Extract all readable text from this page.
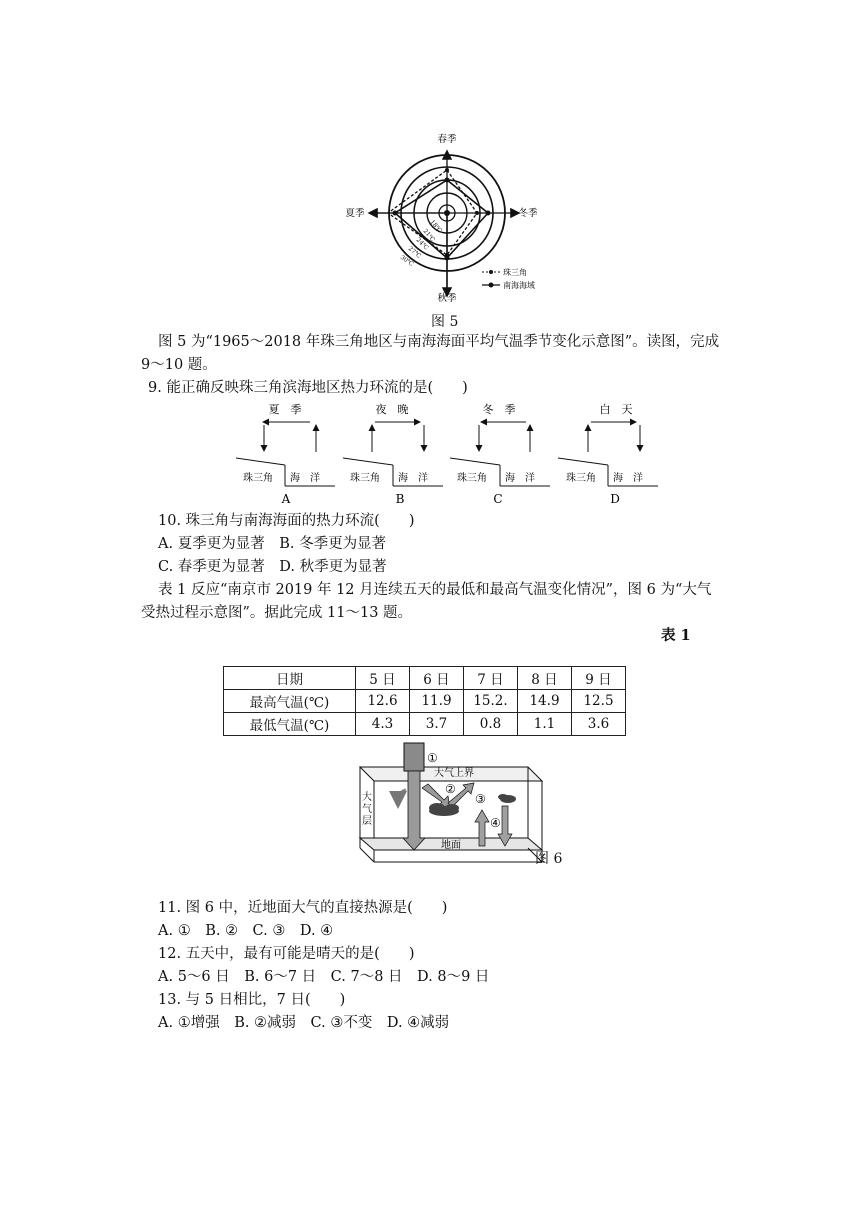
春季
夏季	冬季
秋季
18℃
21℃
24℃
27℃
30℃
珠三角
南海海域
图 5
图 5 为“1965～2018 年珠三角地区与南海海面平均气温季节变化示意图”。读图，完成
9～10 题。
9. 能正确反映珠三角滨海地区热力环流的是(　　)
夏　季
珠三角 海　洋
A
夜　晚
珠三角 海　洋
B
冬　季
珠三角 海　洋
C
白　天
珠三角 海　洋
D
10. 珠三角与南海海面的热力环流(　　)
A. 夏季更为显著　B. 冬季更为显著
C. 春季更为显著　D. 秋季更为显著
表 1 反应“南京市 2019 年 12 月连续五天的最低和最高气温变化情况”，图 6 为“大气
受热过程示意图”。据此完成 11～13 题。
表 1
日期	5 日	6 日	7 日	8 日	9 日
最高气温(℃)	12.6	11.9	15.2.	14.9	12.5
最低气温(℃)	4.3	3.7	0.8	1.1	3.6
①
②
③
④
大气上界
地面
大气层
图 6
11. 图 6 中，近地面大气的直接热源是(　　)
A. ①　B. ②　C. ③　D. ④
12. 五天中，最有可能是晴天的是(　　)
A. 5～6 日　B. 6～7 日　C. 7～8 日　D. 8～9 日
13. 与 5 日相比，7 日(　　)
A. ①增强　B. ②减弱　C. ③不变　D. ④减弱
